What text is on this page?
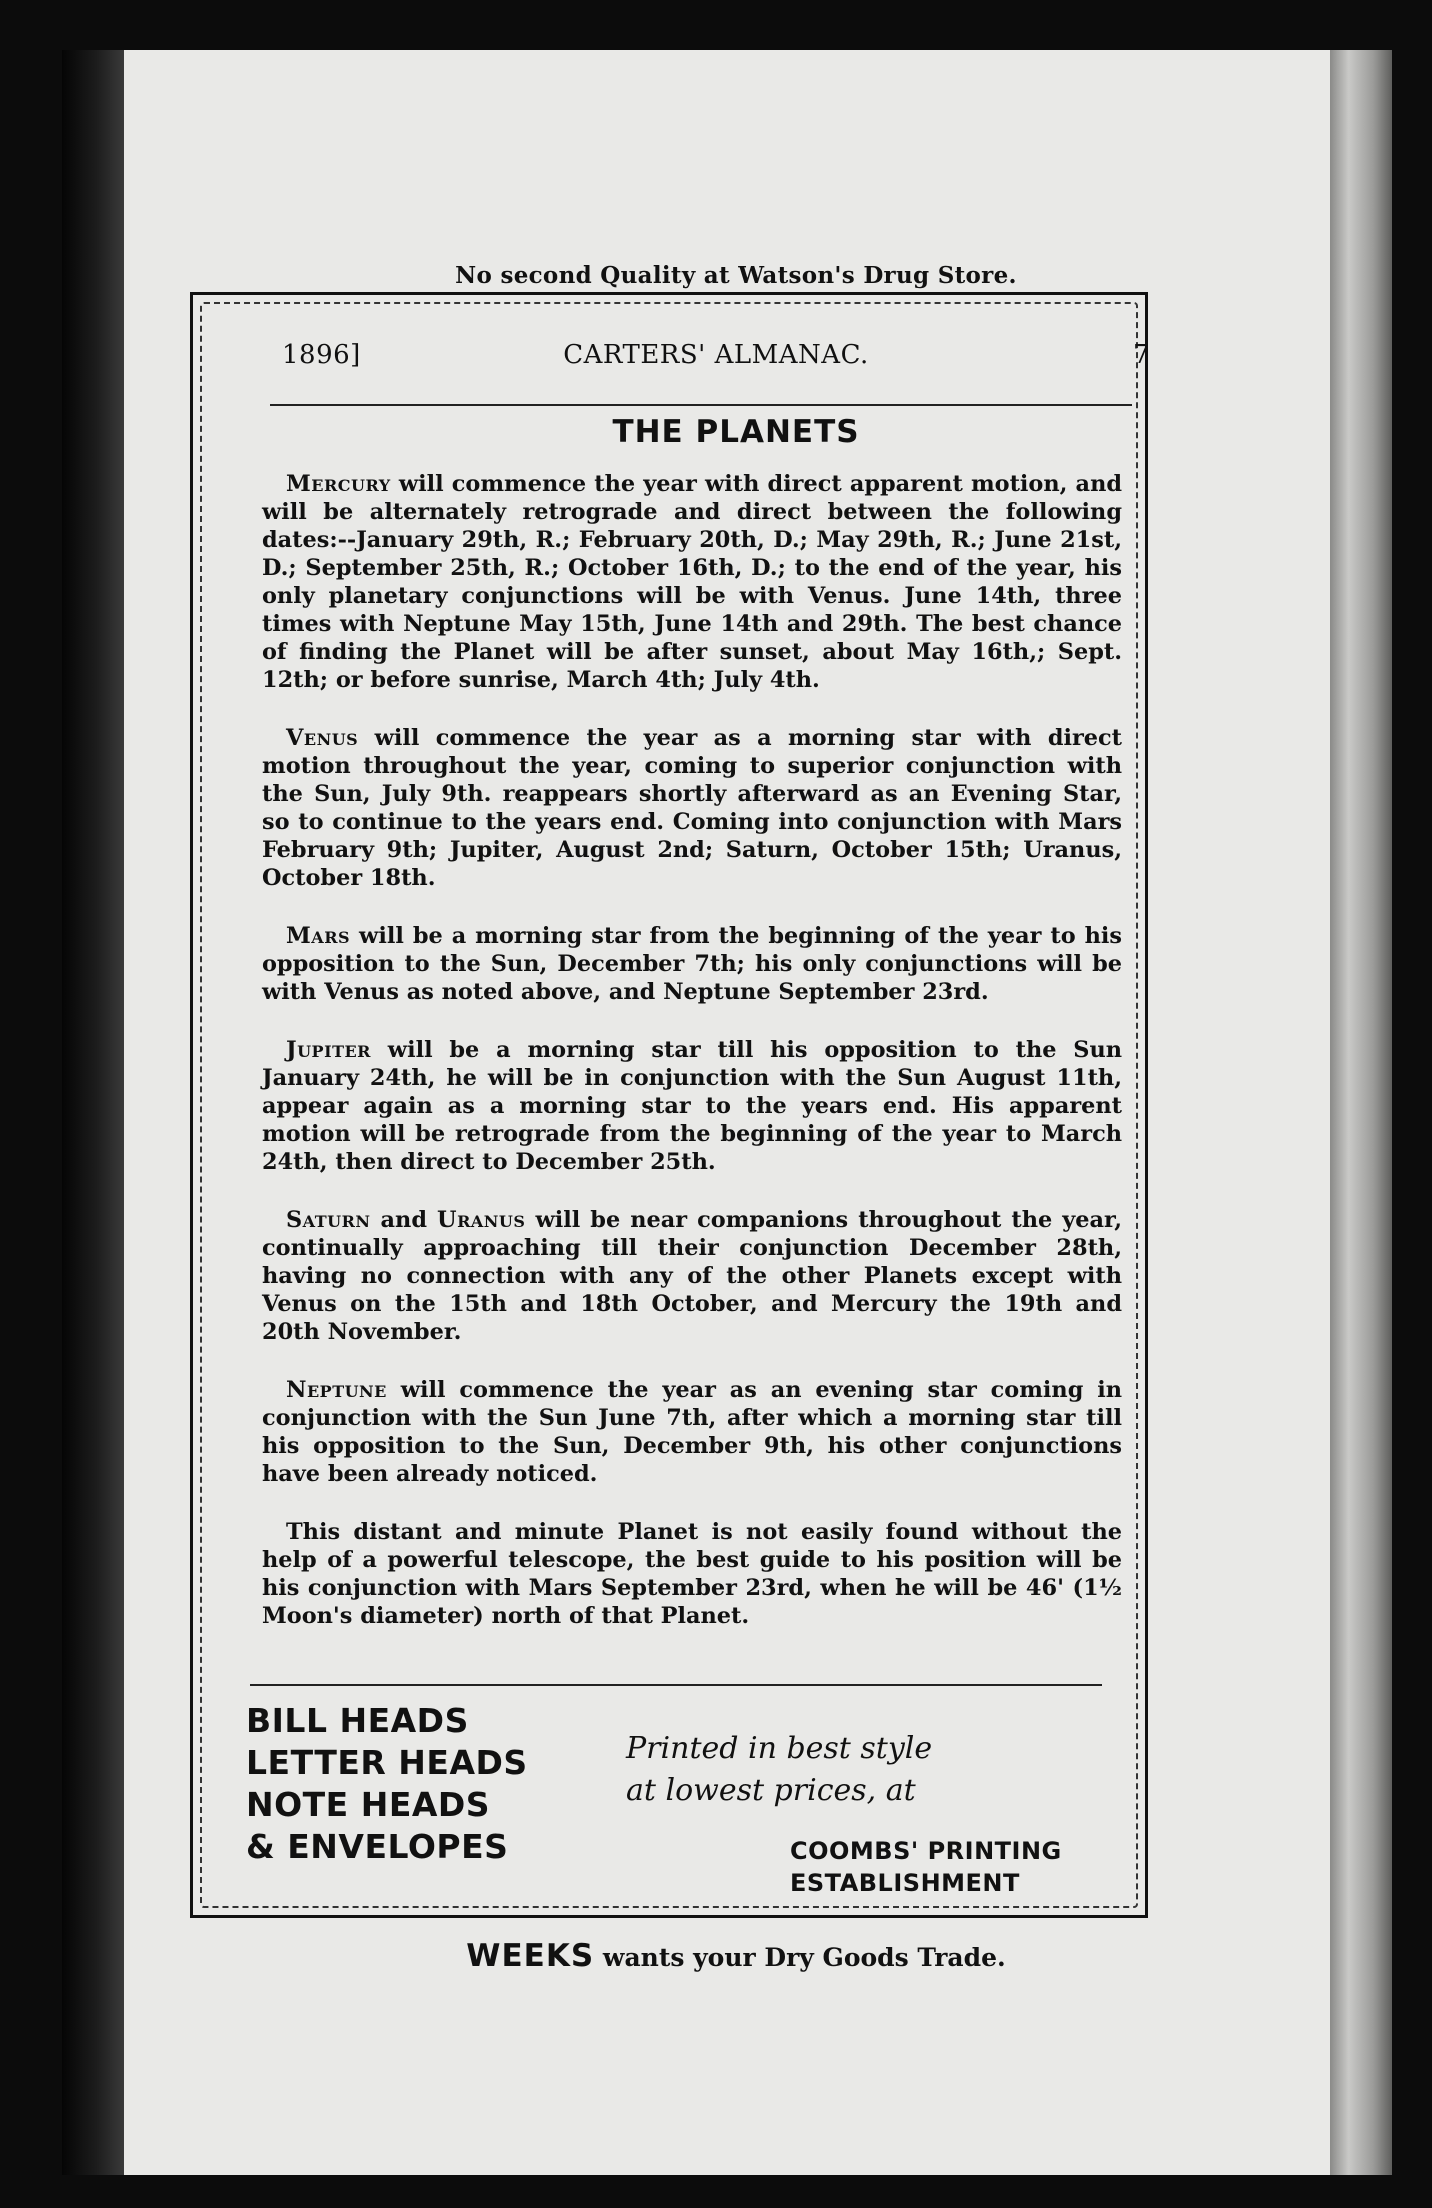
No second Quality at Watson's Drug Store.
1896]	CARTERS' ALMANAC.	7
THE PLANETS

Mercury will commence the year with direct apparent motion, and will be alternately retrograde and direct between the following dates:--January 29th, R.; February 20th, D.; May 29th, R.; June 21st, D.; September 25th, R.; October 16th, D.; to the end of the year, his only planetary conjunctions will be with Venus. June 14th, three times with Neptune May 15th, June 14th and 29th. The best chance of finding the Planet will be after sunset, about May 16th,; Sept. 12th; or before sunrise, March 4th; July 4th.

Venus will commence the year as a morning star with direct motion throughout the year, coming to superior conjunction with the Sun, July 9th. reappears shortly afterward as an Evening Star, so to continue to the years end. Coming into conjunction with Mars February 9th; Jupiter, August 2nd; Saturn, October 15th; Uranus, October 18th.

Mars will be a morning star from the beginning of the year to his opposition to the Sun, December 7th; his only conjunctions will be with Venus as noted above, and Neptune September 23rd.

Jupiter will be a morning star till his opposition to the Sun January 24th, he will be in conjunction with the Sun August 11th, appear again as a morning star to the years end. His apparent motion will be retrograde from the beginning of the year to March 24th, then direct to December 25th.

Saturn and Uranus will be near companions throughout the year, continually approaching till their conjunction December 28th, having no connection with any of the other Planets except with Venus on the 15th and 18th October, and Mercury the 19th and 20th November.

Neptune will commence the year as an evening star coming in conjunction with the Sun June 7th, after which a morning star till his opposition to the Sun, December 9th, his other conjunctions have been already noticed.

This distant and minute Planet is not easily found without the help of a powerful telescope, the best guide to his position will be his conjunction with Mars September 23rd, when he will be 46' (1½ Moon's diameter) north of that Planet.

BILL HEADS
LETTER HEADS
NOTE HEADS
& ENVELOPES
Printed in best style
at lowest prices, at
COOMBS' PRINTING
ESTABLISHMENT
WEEKS wants your Dry Goods Trade.
